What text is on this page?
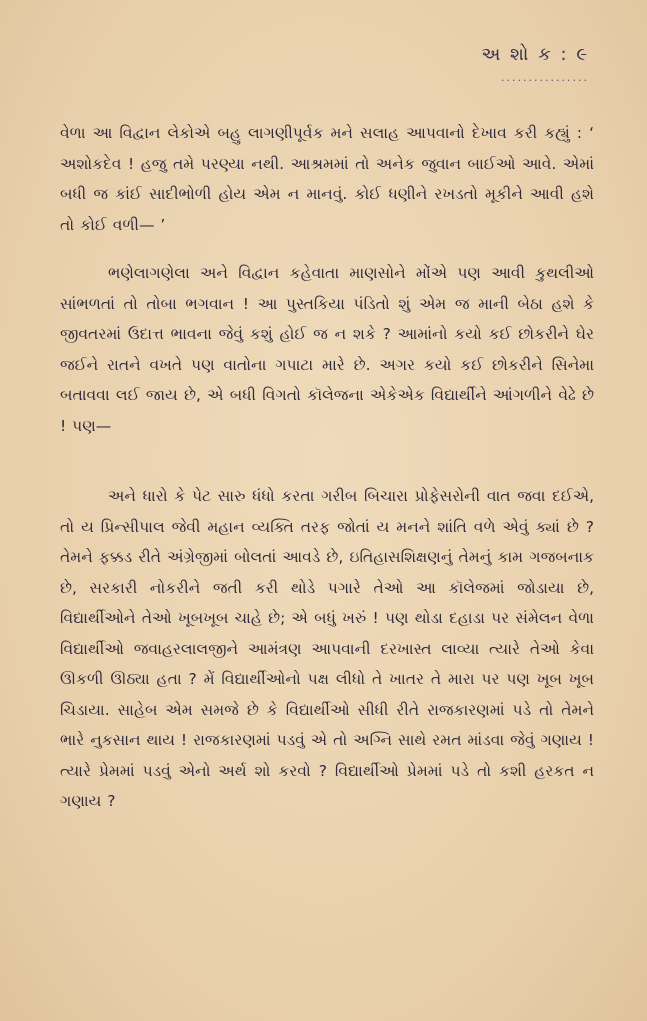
અ શો ક : ૯
................

વેળા આ વિદ્વાન લેકોએ બહુ લાગણીપૂર્વક મને સલાહ આપવાનો દેખાવ કરી કહ્યું : ‘ અશોકદેવ ! હજુ તમે પરણ્યા નથી. આશ્રમમાં તો અનેક જુવાન બાઈઓ આવે. એમાં બધી જ કાંઈ સાદીભોળી હોય એમ ન માનવું. કોઈ ધણીને રખડતો મૂકીને આવી હશે તો કોઈ વળી— ’

ભણેલાગણેલા અને વિદ્વાન કહેવાતા માણસોને મોંએ પણ આવી કુથલીઓ સાંભળતાં તો તોબા ભગવાન ! આ પુસ્તકિયા પંડિતો શું એમ જ માની બેઠા હશે કે જીવતરમાં ઉદાત્ત ભાવના જેવું કશું હોઈ જ ન શકે ? આમાંનો કયો કઈ છોકરીને ઘેર જઈને રાતને વખતે પણ વાતોના ગપાટા મારે છે. અગર કયો કઈ છોકરીને સિનેમા બતાવવા લઈ જાય છે, એ બધી વિગતો કૉલેજના એકેએક વિદ્યાર્થીને આંગળીને વેઢે છે ! પણ—

અને ધારો કે પેટ સારુ ધંધો કરતા ગરીબ બિચારા પ્રોફેસરોની વાત જવા દઈએ, તો ય પ્રિન્સીપાલ જેવી મહાન વ્યક્તિ તરફ જોતાં ય મનને શાંતિ વળે એવું ક્યાં છે ? તેમને ફક્કડ રીતે અંગ્રેજીમાં બોલતાં આવડે છે, ઇતિહાસશિક્ષણનું તેમનું કામ ગજબનાક છે, સરકારી નોકરીને જતી કરી થોડે પગારે તેઓ આ કૉલેજમાં જોડાયા છે, વિદ્યાર્થીઓને તેઓ ખૂબખૂબ ચાહે છે; એ બધું ખરું ! પણ થોડા દહાડા પર સંમેલન વેળા વિદ્યાર્થીઓ જવાહરલાલજીને આમંત્રણ આપવાની દરખાસ્ત લાવ્યા ત્યારે તેઓ કેવા ઊકળી ઊઠ્યા હતા ? મેં વિદ્યાર્થીઓનો પક્ષ લીધો તે ખાતર તે મારા પર પણ ખૂબ ખૂબ ચિડાયા. સાહેબ એમ સમજે છે કે વિદ્યાર્થીઓ સીધી રીતે રાજકારણમાં પડે તો તેમને ભારે નુકસાન થાય ! રાજકારણમાં પડવું એ તો અગ્નિ સાથે રમત માંડવા જેવું ગણાય ! ત્યારે પ્રેમમાં પડવું એનો અર્થ શો કરવો ? વિદ્યાર્થીઓ પ્રેમમાં પડે તો કશી હરકત ન ગણાય ?
